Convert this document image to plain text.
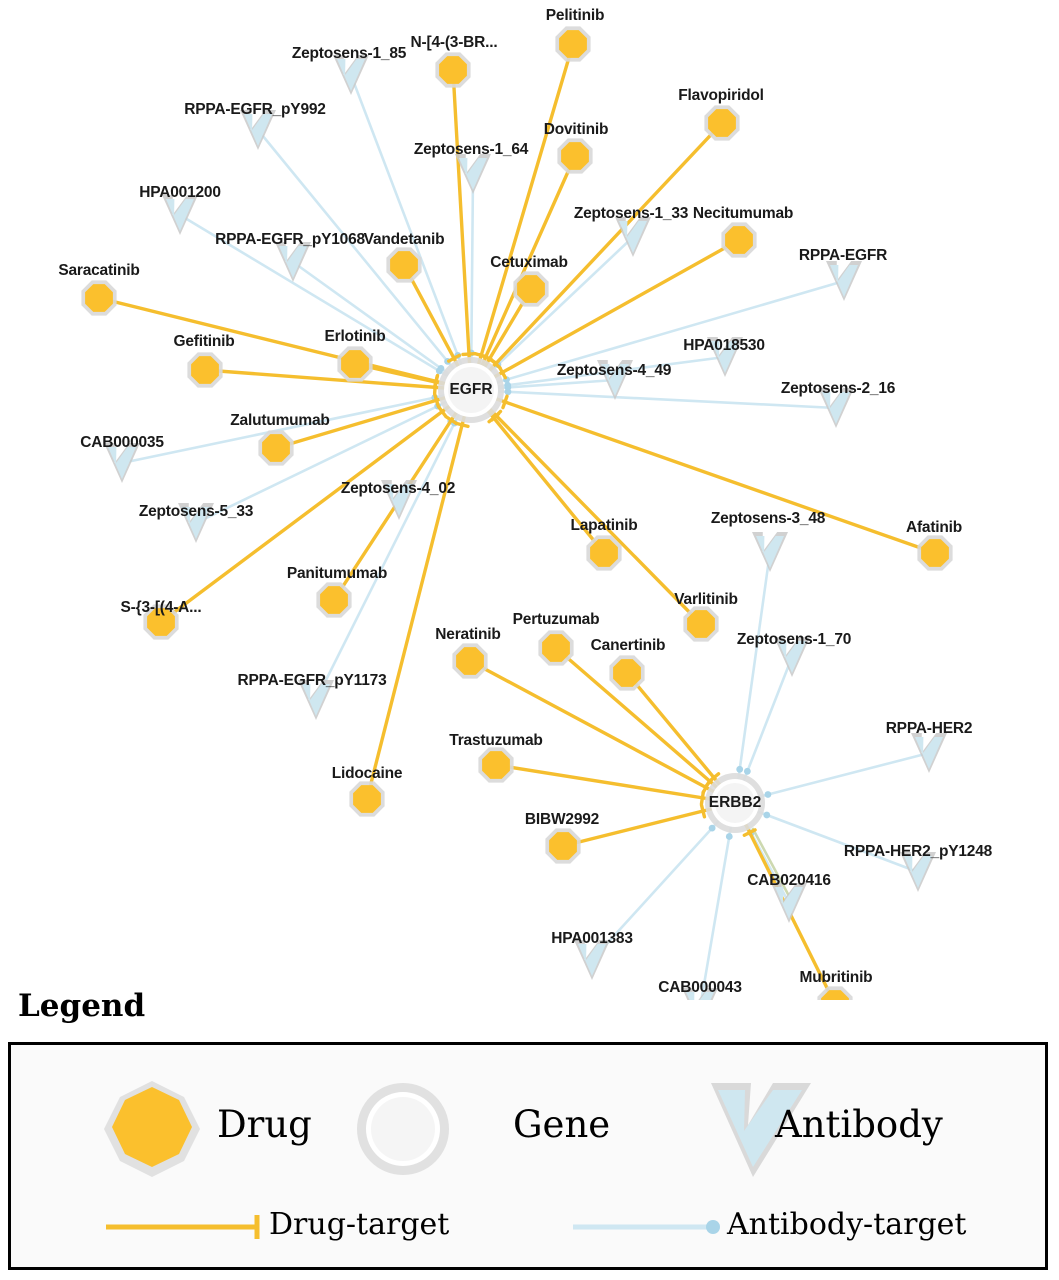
Zeptosens-1_85
RPPA-EGFR_pY992
Zeptosens-1_64
HPA001200
Zeptosens-1_33
RPPA-EGFR_pY1068
RPPA-EGFR
HPA018530
Zeptosens-4_49
Zeptosens-2_16
CAB000035
Zeptosens-4_02
Zeptosens-5_33	Zeptosens-3_48
Zeptosens-1_70
RPPA-EGFR_pY1173
RPPA-HER2
RPPA-HER2_pY1248
CAB020416
HPA001383
CAB000043
Pelitinib
N-[4-(3-BR...
Flavopiridol
Dovitinib
Necitumumab
Vandetanib
Cetuximab
Saracatinib
Gefitinib	Erlotinib
Zalutumumab
Afatinib
Lapatinib
Varlitinib
Panitumumab
S-{3-[(4-A...
Neratinib
Pertuzumab
Canertinib
Trastuzumab
Lidocaine
BIBW2992
Mubritinib
EGFR
ERBB2
Legend
Drug	Gene	Antibody
Drug-target	Antibody-target
